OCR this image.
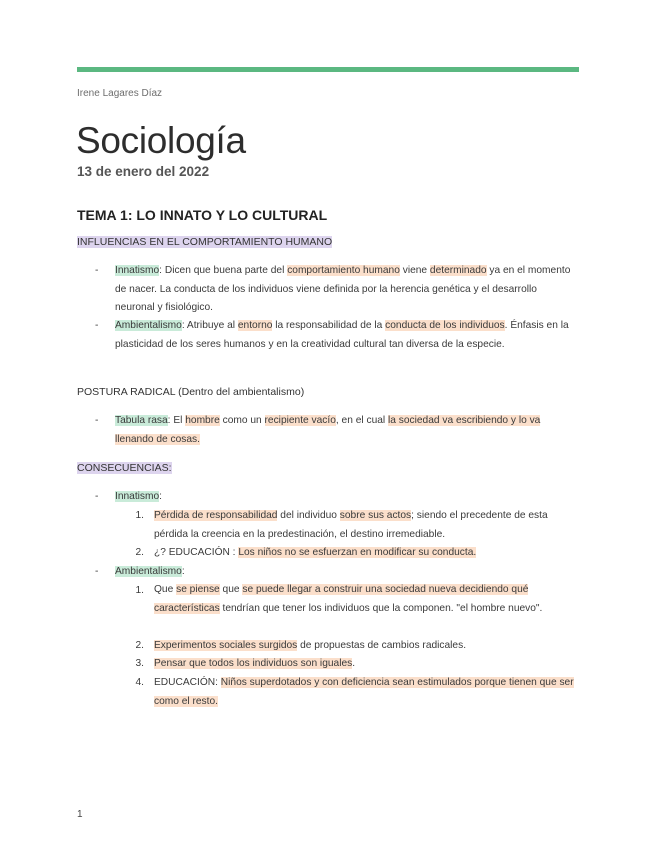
Irene Lagares Díaz
Sociología
13 de enero del 2022
TEMA 1: LO INNATO Y LO CULTURAL
INFLUENCIAS EN EL COMPORTAMIENTO HUMANO
- Innatismo: Dicen que buena parte del comportamiento humano viene determinado ya en el momento de nacer. La conducta de los individuos viene definida por la herencia genética y el desarrollo neuronal y fisiológico.
- Ambientalismo: Atribuye al entorno la responsabilidad de la conducta de los individuos. Énfasis en la plasticidad de los seres humanos y en la creatividad cultural tan diversa de la especie.
POSTURA RADICAL (Dentro del ambientalismo)
- Tabula rasa: El hombre como un recipiente vacío, en el cual la sociedad va escribiendo y lo va llenando de cosas.
CONSECUENCIAS:
- Innatismo:
1. Pérdida de responsabilidad del individuo sobre sus actos; siendo el precedente de esta pérdida la creencia en la predestinación, el destino irremediable.
2. ¿? EDUCACIÓN : Los niños no se esfuerzan en modificar su conducta.
- Ambientalismo:
1. Que se piense que se puede llegar a construir una sociedad nueva decidiendo qué características tendrían que tener los individuos que la componen. "el hombre nuevo".
2. Experimentos sociales surgidos de propuestas de cambios radicales.
3. Pensar que todos los individuos son iguales.
4. EDUCACIÓN: Niños superdotados y con deficiencia sean estimulados porque tienen que ser como el resto.
1
